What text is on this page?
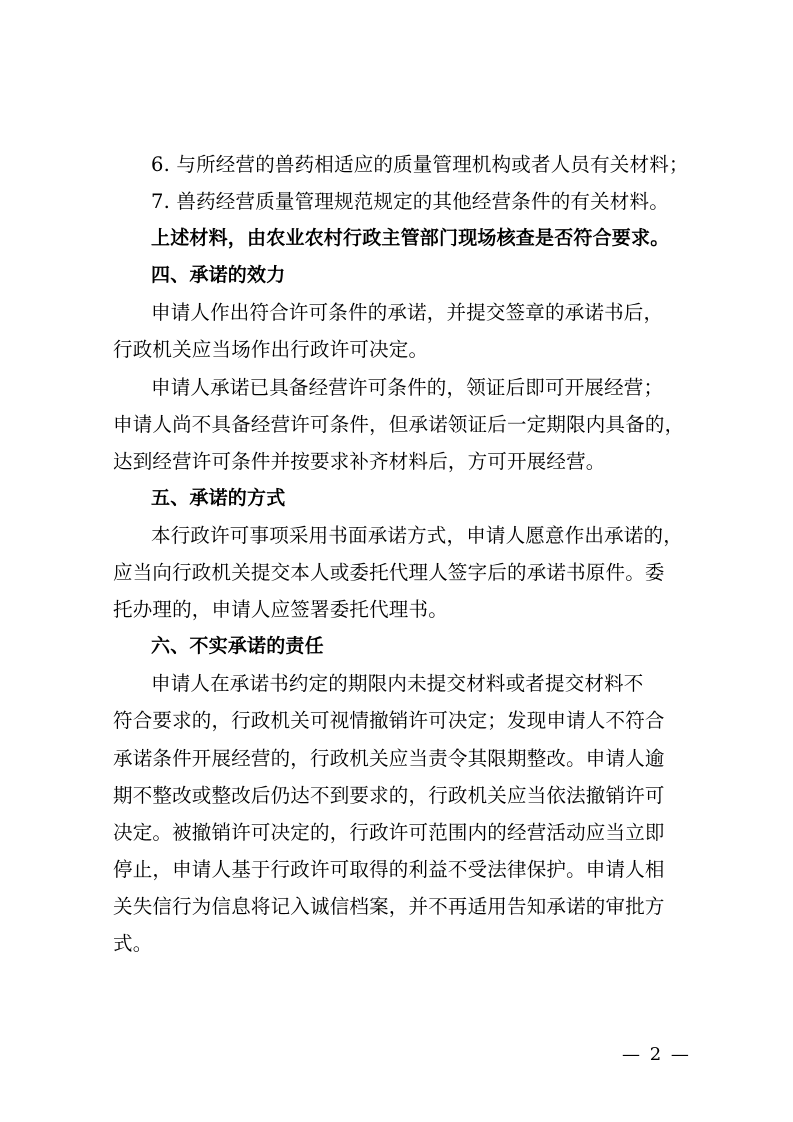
6. 与所经营的兽药相适应的质量管理机构或者人员有关材料；
7. 兽药经营质量管理规范规定的其他经营条件的有关材料。
上述材料，由农业农村行政主管部门现场核查是否符合要求。
四、承诺的效力
申请人作出符合许可条件的承诺，并提交签章的承诺书后，
行政机关应当场作出行政许可决定。
申请人承诺已具备经营许可条件的，领证后即可开展经营；
申请人尚不具备经营许可条件，但承诺领证后一定期限内具备的，
达到经营许可条件并按要求补齐材料后，方可开展经营。
五、承诺的方式
本行政许可事项采用书面承诺方式，申请人愿意作出承诺的，
应当向行政机关提交本人或委托代理人签字后的承诺书原件。委
托办理的，申请人应签署委托代理书。
六、不实承诺的责任
申请人在承诺书约定的期限内未提交材料或者提交材料不
符合要求的，行政机关可视情撤销许可决定；发现申请人不符合
承诺条件开展经营的，行政机关应当责令其限期整改。申请人逾
期不整改或整改后仍达不到要求的，行政机关应当依法撤销许可
决定。被撤销许可决定的，行政许可范围内的经营活动应当立即
停止，申请人基于行政许可取得的利益不受法律保护。申请人相
关失信行为信息将记入诚信档案，并不再适用告知承诺的审批方
式。
— 2 —
